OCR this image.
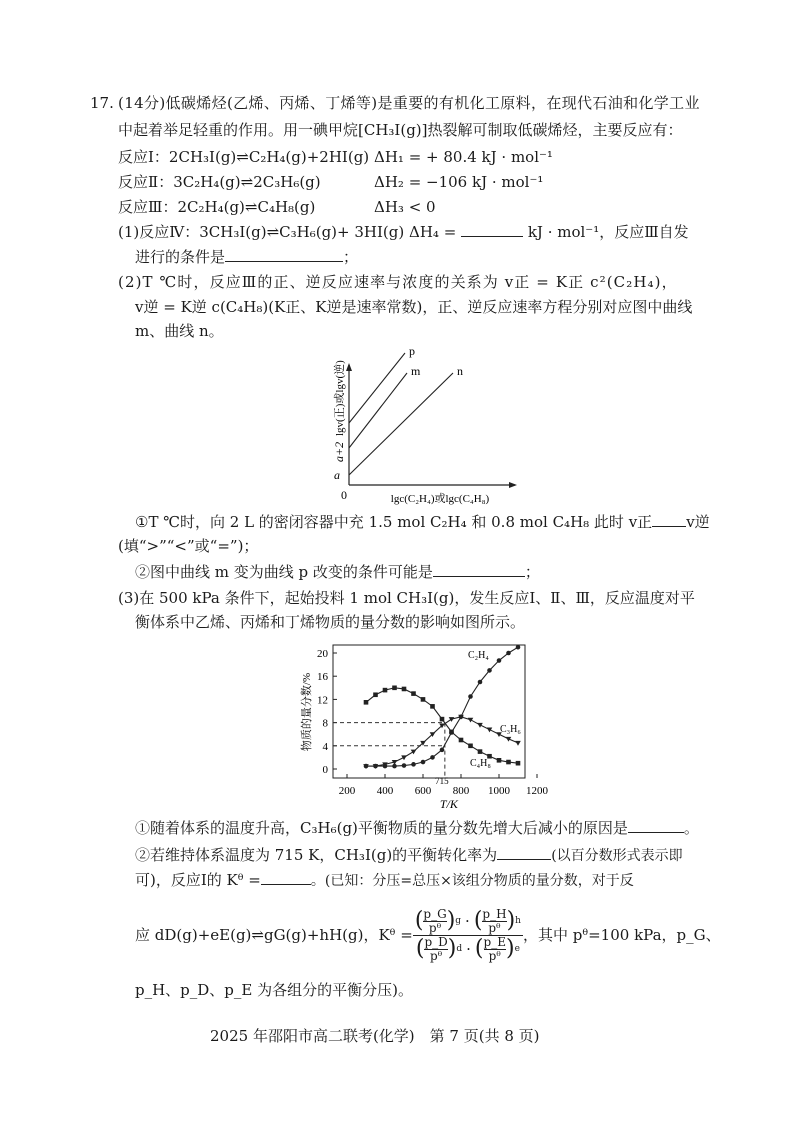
17. (14分)低碳烯烃(乙烯、丙烯、丁烯等)是重要的有机化工原料，在现代石油和化学工业
中起着举足轻重的作用。用一碘甲烷[CH₃I(g)]热裂解可制取低碳烯烃，主要反应有：
反应Ⅰ：2CH₃I(g)⇌C₂H₄(g)+2HI(g) ΔH₁ = + 80.4 kJ · mol⁻¹
反应Ⅱ：3C₂H₄(g)⇌2C₃H₆(g)	ΔH₂ = −106 kJ · mol⁻¹
反应Ⅲ：2C₂H₄(g)⇌C₄H₈(g)	ΔH₃ < 0
(1)反应Ⅳ：3CH₃I(g)⇌C₃H₆(g)+ 3HI(g) ΔH₄ =	kJ · mol⁻¹，反应Ⅲ自发
进行的条件是	；
(2)T ℃时，反应Ⅲ的正、逆反应速率与浓度的关系为 v正 = K正 c²(C₂H₄)，
v逆 = K逆 c(C₄H₈)(K正、K逆是速率常数)，正、逆反应速率方程分别对应图中曲线
m、曲线 n。
0
p
m	n
a
a+2
lgv(正)或lgv(逆)
lgc(C₂H₄)或lgc(C₄H₈)
①T ℃时，向 2 L 的密闭容器中充 1.5 mol C₂H₄ 和 0.8 mol C₄H₈ 此时 v正 v逆
(填“>”“<”或“=”)；
②图中曲线 m 变为曲线 p 改变的条件可能是	；
(3)在 500 kPa 条件下，起始投料 1 mol CH₃I(g)，发生反应Ⅰ、Ⅱ、Ⅲ，反应温度对平
衡体系中乙烯、丙烯和丁烯物质的量分数的影响如图所示。
0
4
8
12
16
20
200 400 600 800 1000 1200
715
T/K
物质的量分数/%
C₂H₄
C₃H₆
C₄H₈
①随着体系的温度升高，C₃H₆(g)平衡物质的量分数先增大后减小的原因是	。
②若维持体系温度为 715 K，CH₃I(g)的平衡转化率为	(以百分数形式表示即
可)，反应Ⅰ的 Kᶿ =	。(已知：分压=总压×该组分物质的量分数，对于反
应 dD(g)+eE(g)⇌gG(g)+hH(g)，Kᶿ = ( p_G
pᶿ ) g · ( p_H
pᶿ ) h
( p_D
pᶿ ) d · ( p_E
pᶿ ) e ，其中 pᶿ=100 kPa，p_G、
p_H、p_D、p_E 为各组分的平衡分压)。
2025 年邵阳市高二联考(化学)　第 7 页(共 8 页)
